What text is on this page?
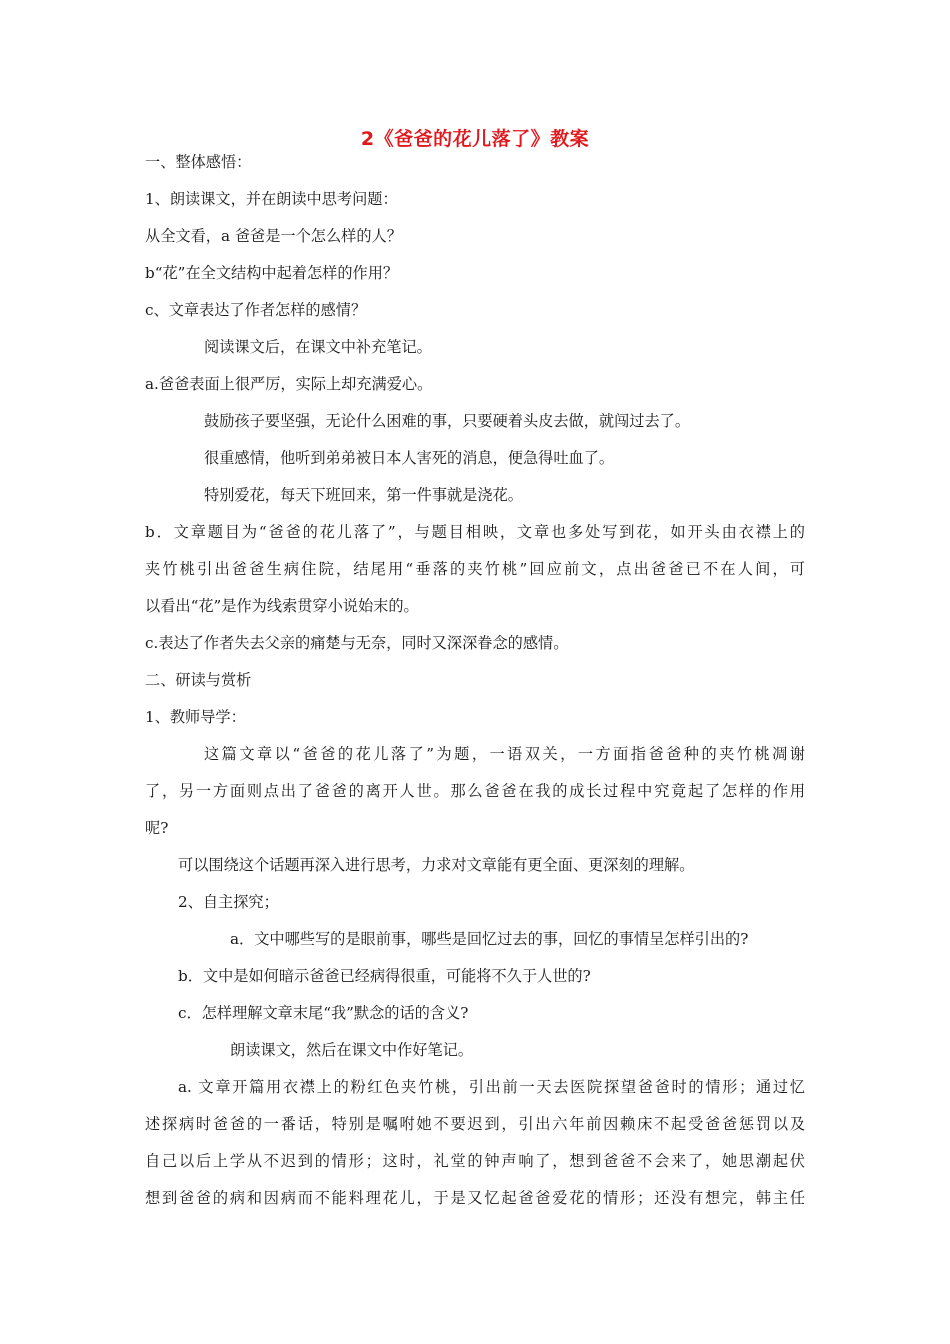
2《爸爸的花儿落了》教案

一、整体感悟：

1、朗读课文，并在朗读中思考问题：

从全文看，a 爸爸是一个怎么样的人？

b“花”在全文结构中起着怎样的作用？

c、文章表达了作者怎样的感情？

阅读课文后，在课文中补充笔记。

a.爸爸表面上很严厉，实际上却充满爱心。

鼓励孩子要坚强，无论什么困难的事，只要硬着头皮去做，就闯过去了。

很重感情，他听到弟弟被日本人害死的消息，便急得吐血了。

特别爱花，每天下班回来，第一件事就是浇花。

b．文章题目为“爸爸的花儿落了”，与题目相映，文章也多处写到花，如开头由衣襟上的

夹竹桃引出爸爸生病住院，结尾用“垂落的夹竹桃”回应前文，点出爸爸已不在人间，可

以看出“花”是作为线索贯穿小说始末的。

c.表达了作者失去父亲的痛楚与无奈，同时又深深眷念的感情。

二、研读与赏析

1、教师导学：

这篇文章以“爸爸的花儿落了”为题，一语双关，一方面指爸爸种的夹竹桃凋谢

了，另一方面则点出了爸爸的离开人世。那么爸爸在我的成长过程中究竟起了怎样的作用

呢?

可以围绕这个话题再深入进行思考，力求对文章能有更全面、更深刻的理解。

2、自主探究；

a．文中哪些写的是眼前事，哪些是回忆过去的事，回忆的事情呈怎样引出的?

b．文中是如何暗示爸爸已经病得很重，可能将不久于人世的?

c．怎样理解文章末尾“我”默念的话的含义?

朗读课文，然后在课文中作好笔记。

a. 文章开篇用衣襟上的粉红色夹竹桃，引出前一天去医院探望爸爸时的情形；通过忆

述探病时爸爸的一番话，特别是嘱咐她不要迟到，引出六年前因赖床不起受爸爸惩罚以及

自己以后上学从不迟到的情形；这时，礼堂的钟声响了，想到爸爸不会来了，她思潮起伏

想到爸爸的病和因病而不能料理花儿，于是又忆起爸爸爱花的情形；还没有想完，韩主任
